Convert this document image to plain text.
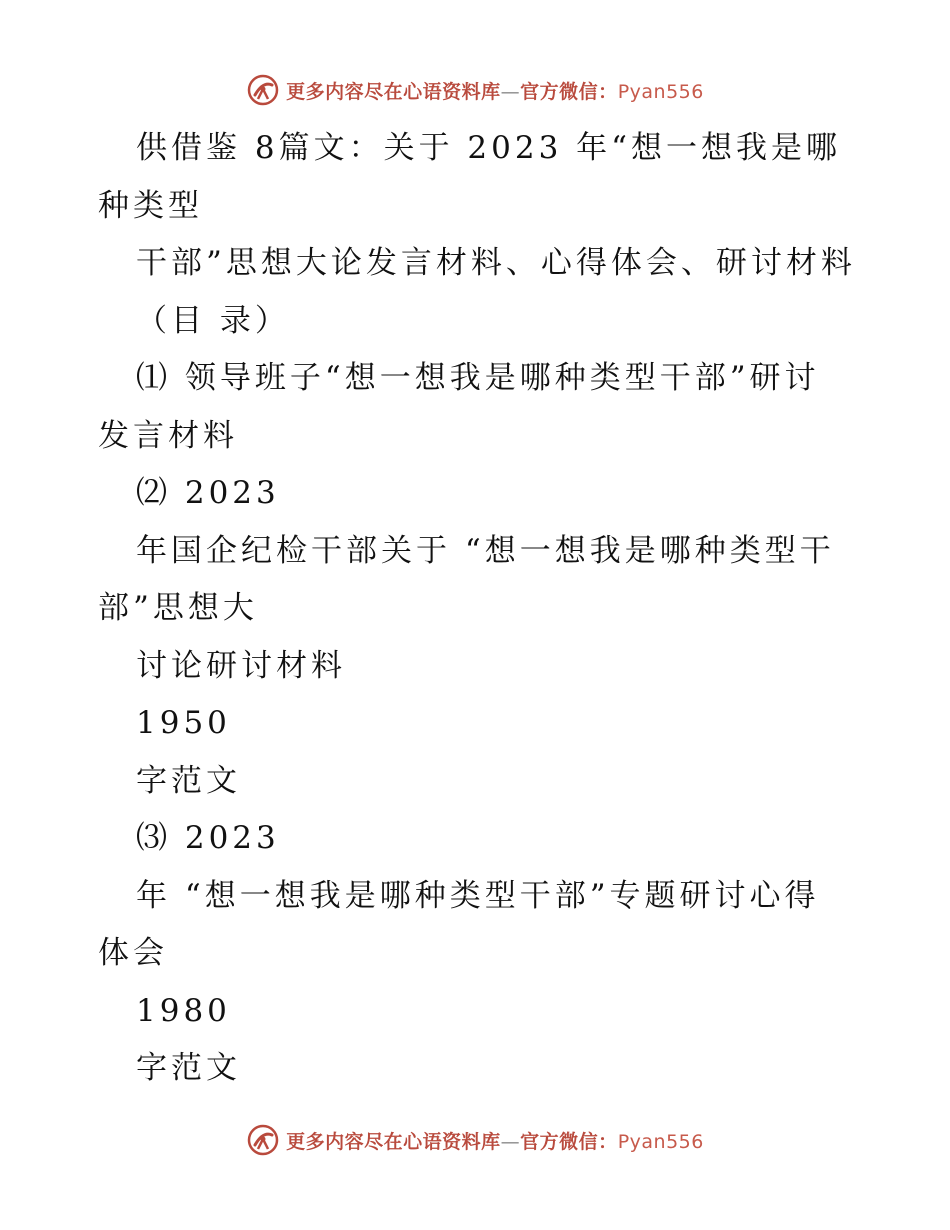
更多内容尽在心语资料库—官方微信：Pyan556
供借鉴 8篇文：关于 2023 年“想一想我是哪
种类型
干部”思想大论发言材料、心得体会、研讨材料
（目 录）
⑴ 领导班子“想一想我是哪种类型干部”研讨
发言材料
⑵ 2023
年国企纪检干部关于 “想一想我是哪种类型干
部”思想大
讨论研讨材料
1950
字范文
⑶ 2023
年 “想一想我是哪种类型干部”专题研讨心得
体会
1980
字范文
更多内容尽在心语资料库—官方微信：Pyan556
